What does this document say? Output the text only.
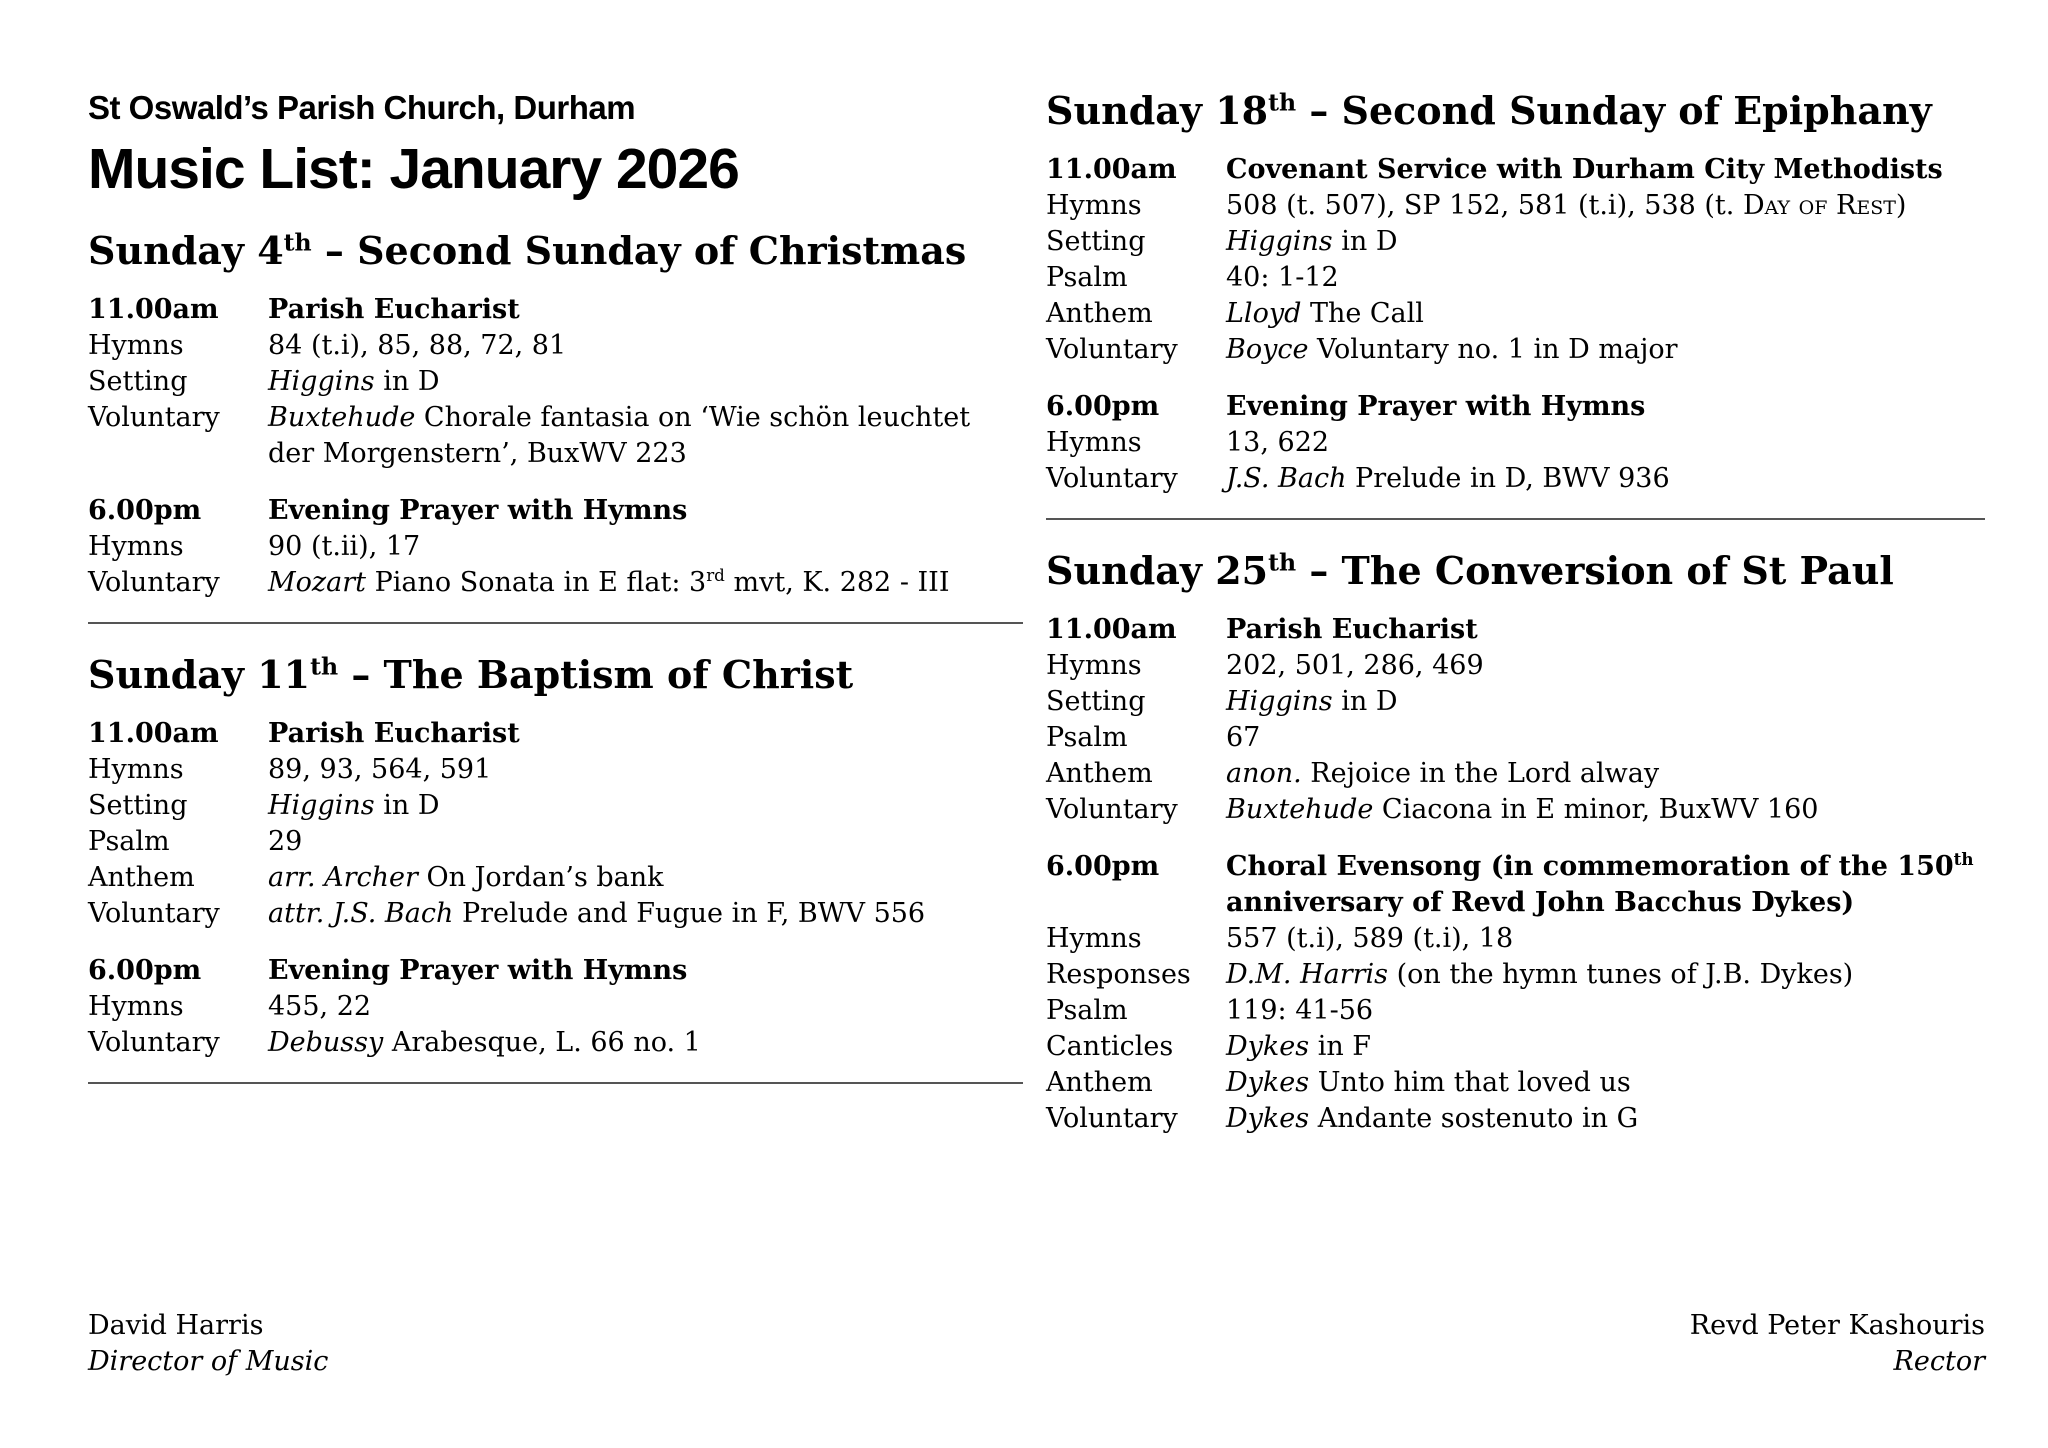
St Oswald’s Parish Church, Durham
Music List: January 2026
Sunday 4th – Second Sunday of Christmas
11.00am	Parish Eucharist
Hymns	84 (t.i), 85, 88, 72, 81
Setting	Higgins in D
Voluntary	Buxtehude Chorale fantasia on ‘Wie schön leuchtet der Morgenstern’, BuxWV 223
6.00pm	Evening Prayer with Hymns
Hymns	90 (t.ii), 17
Voluntary	Mozart Piano Sonata in E flat: 3rd mvt, K. 282 - III
Sunday 11th – The Baptism of Christ
11.00am	Parish Eucharist
Hymns	89, 93, 564, 591
Setting	Higgins in D
Psalm	29
Anthem	arr. Archer On Jordan’s bank
Voluntary	attr. J.S. Bach Prelude and Fugue in F, BWV 556
6.00pm	Evening Prayer with Hymns
Hymns	455, 22
Voluntary	Debussy Arabesque, L. 66 no. 1
Sunday 18th – Second Sunday of Epiphany
11.00am	Covenant Service with Durham City Methodists
Hymns	508 (t. 507), SP 152, 581 (t.i), 538 (t. Day of Rest)
Setting	Higgins in D
Psalm	40: 1-12
Anthem	Lloyd The Call
Voluntary	Boyce Voluntary no. 1 in D major
6.00pm	Evening Prayer with Hymns
Hymns	13, 622
Voluntary	J.S. Bach Prelude in D, BWV 936
Sunday 25th – The Conversion of St Paul
11.00am	Parish Eucharist
Hymns	202, 501, 286, 469
Setting	Higgins in D
Psalm	67
Anthem	anon. Rejoice in the Lord alway
Voluntary	Buxtehude Ciacona in E minor, BuxWV 160
6.00pm	Choral Evensong (in commemoration of the 150th anniversary of Revd John Bacchus Dykes)
Hymns	557 (t.i), 589 (t.i), 18
Responses	D.M. Harris (on the hymn tunes of J.B. Dykes)
Psalm	119: 41-56
Canticles	Dykes in F
Anthem	Dykes Unto him that loved us
Voluntary	Dykes Andante sostenuto in G
David Harris
Director of Music
Revd Peter Kashouris
Rector
